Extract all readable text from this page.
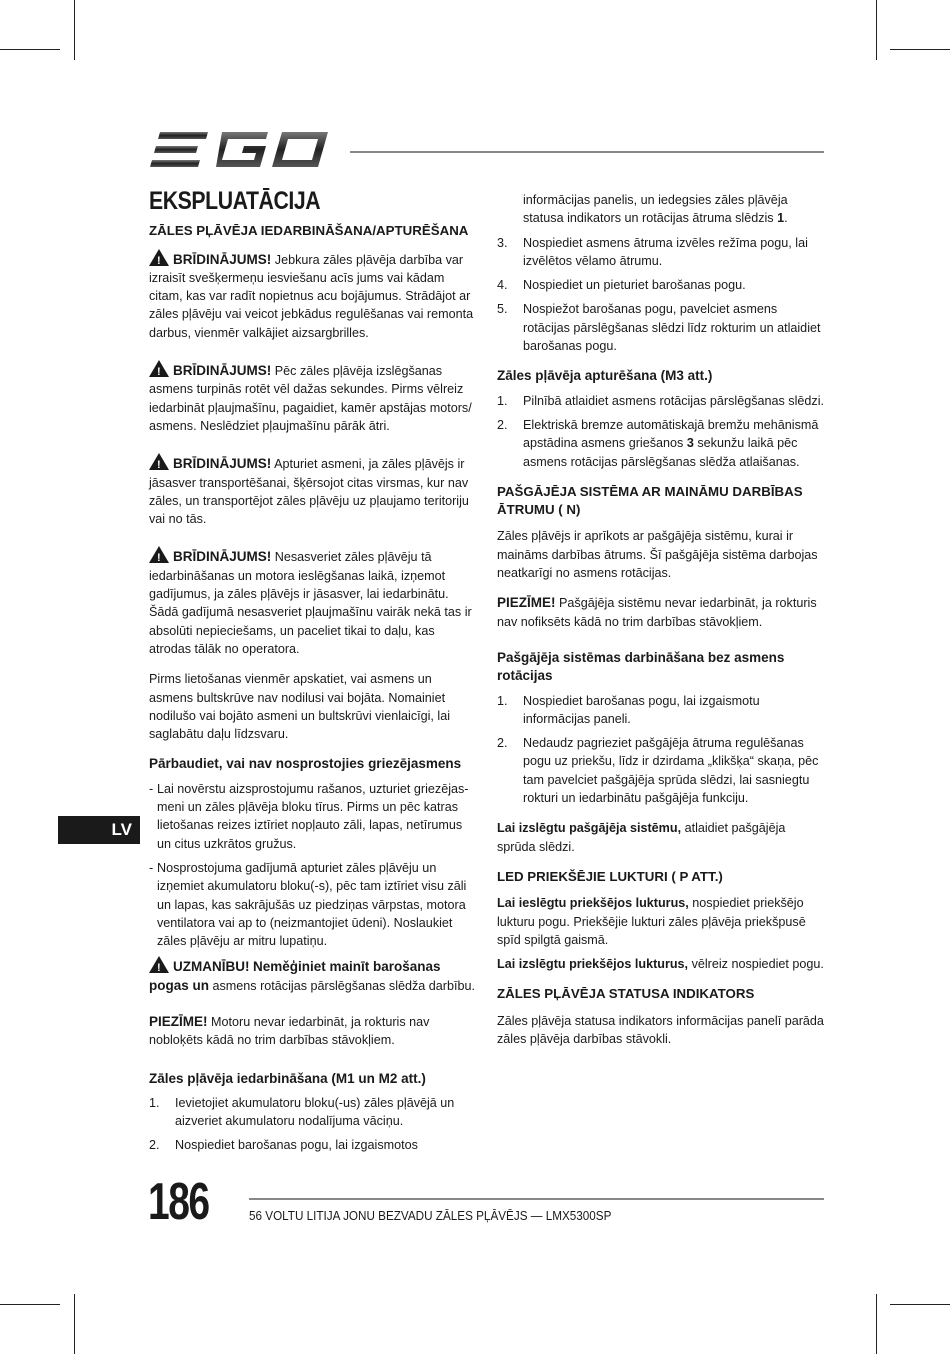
EKSPLUATĀCIJA
ZĀLES PĻĀVĒJA IEDARBINĀŠANA/APTURĒŠANA

!BRĪDINĀJUMS! Jebkura zāles pļāvēja darbība var izraisīt svešķermeņu iesviešanu acīs jums vai kādam citam, kas var radīt nopietnus acu bojājumus. Strādājot ar zāles pļāvēju vai veicot jebkādus regulēšanas vai remonta darbus, vienmēr valkājiet aizsargbrilles.

!BRĪDINĀJUMS! Pēc zāles pļāvēja izslēgšanas asmens turpinās rotēt vēl dažas sekundes. Pirms vēlreiz iedarbināt pļaujmašīnu, pagaidiet, kamēr apstājas motors/ asmens. Neslēdziet pļaujmašīnu pārāk ātri.

!BRĪDINĀJUMS! Apturiet asmeni, ja zāles pļāvējs ir jāsasver transportēšanai, šķērsojot citas virsmas, kur nav zāles, un transportējot zāles pļāvēju uz pļaujamo teritoriju vai no tās.

!BRĪDINĀJUMS! Nesasveriet zāles pļāvēju tā iedarbināšanas un motora ieslēgšanas laikā, izņemot gadījumus, ja zāles pļāvējs ir jāsasver, lai iedarbinātu. Šādā gadījumā nesasveriet pļaujmašīnu vairāk nekā tas ir absolūti nepieciešams, un paceliet tikai to daļu, kas atrodas tālāk no operatora.

Pirms lietošanas vienmēr apskatiet, vai asmens un asmens bultskrūve nav nodilusi vai bojāta. Nomainiet nodilušo vai bojāto asmeni un bultskrūvi vienlaicīgi, lai saglabātu daļu līdzsvaru.

Pārbaudiet, vai nav nosprostojies griezējasmens
- Lai novērstu aizsprostojumu rašanos, uzturiet griezējas-meni un zāles pļāvēja bloku tīrus. Pirms un pēc katras lietošanas reizes iztīriet nopļauto zāli, lapas, netīrumus un citus uzkrātos gružus.
- Nosprostojuma gadījumā apturiet zāles pļāvēju un izņemiet akumulatoru bloku(-s), pēc tam iztīriet visu zāli un lapas, kas sakrājušās uz piedziņas vārpstas, motora ventilatora vai ap to (neizmantojiet ūdeni). Noslaukiet zāles pļāvēju ar mitru lupatiņu.

!UZMANĪBU! Neměģiniet mainīt barošanas pogas un asmens rotācijas pārslēgšanas slēdža darbību.

PIEZĪME! Motoru nevar iedarbināt, ja rokturis nav nobloķēts kādā no trim darbības stāvokļiem.

Zāles pļāvēja iedarbināšana (M1 un M2 att.)
1. Ievietojiet akumulatoru bloku(-us) zāles pļāvējā un aizveriet akumulatoru nodalījuma vāciņu.
2. Nospiediet barošanas pogu, lai izgaismotos

informācijas panelis, un iedegsies zāles pļāvēja statusa indikators un rotācijas ātruma slēdzis 1.

3. Nospiediet asmens ātruma izvēles režīma pogu, lai izvēlētos vēlamo ātrumu.
4. Nospiediet un pieturiet barošanas pogu.
5. Nospiežot barošanas pogu, pavelciet asmens rotācijas pārslēgšanas slēdzi līdz rokturim un atlaidiet barošanas pogu.
Zāles pļāvēja apturēšana (M3 att.)
1. Pilnībā atlaidiet asmens rotācijas pārslēgšanas slēdzi.
2. Elektriskā bremze automātiskajā bremžu mehānismā apstādina asmens griešanos 3 sekunžu laikā pēc asmens rotācijas pārslēgšanas slēdža atlaišanas.
PAŠGĀJĒJA SISTĒMA AR MAINĀMU DARBĪBAS ĀTRUMU ( N)

Zāles pļāvējs ir aprīkots ar pašgājēja sistēmu, kurai ir maināms darbības ātrums. Šī pašgājēja sistēma darbojas neatkarīgi no asmens rotācijas.

PIEZĪME! Pašgājēja sistēmu nevar iedarbināt, ja rokturis nav nofiksēts kādā no trim darbības stāvokļiem.

Pašgājēja sistēmas darbināšana bez asmens rotācijas
1. Nospiediet barošanas pogu, lai izgaismotu informācijas paneli.
2. Nedaudz pagrieziet pašgājēja ātruma regulēšanas pogu uz priekšu, līdz ir dzirdama „klikšķa“ skaņa, pēc tam pavelciet pašgājēja sprūda slēdzi, lai sasniegtu rokturi un iedarbinātu pašgājēja funkciju.

Lai izslēgtu pašgājēja sistēmu, atlaidiet pašgājēja sprūda slēdzi.

LED PRIEKŠĒJIE LUKTURI ( P ATT.)

Lai ieslēgtu priekšējos lukturus, nospiediet priekšējo lukturu pogu. Priekšējie lukturi zāles pļāvēja priekšpusē spīd spilgtā gaismā.

Lai izslēgtu priekšējos lukturus, vēlreiz nospiediet pogu.

ZĀLES PĻĀVĒJA STATUSA INDIKATORS

Zāles pļāvēja statusa indikators informācijas panelī parāda zāles pļāvēja darbības stāvokli.

LV
186	56 VOLTU LITIJA JONU BEZVADU ZĀLES PĻĀVĒJS — LMX5300SP
